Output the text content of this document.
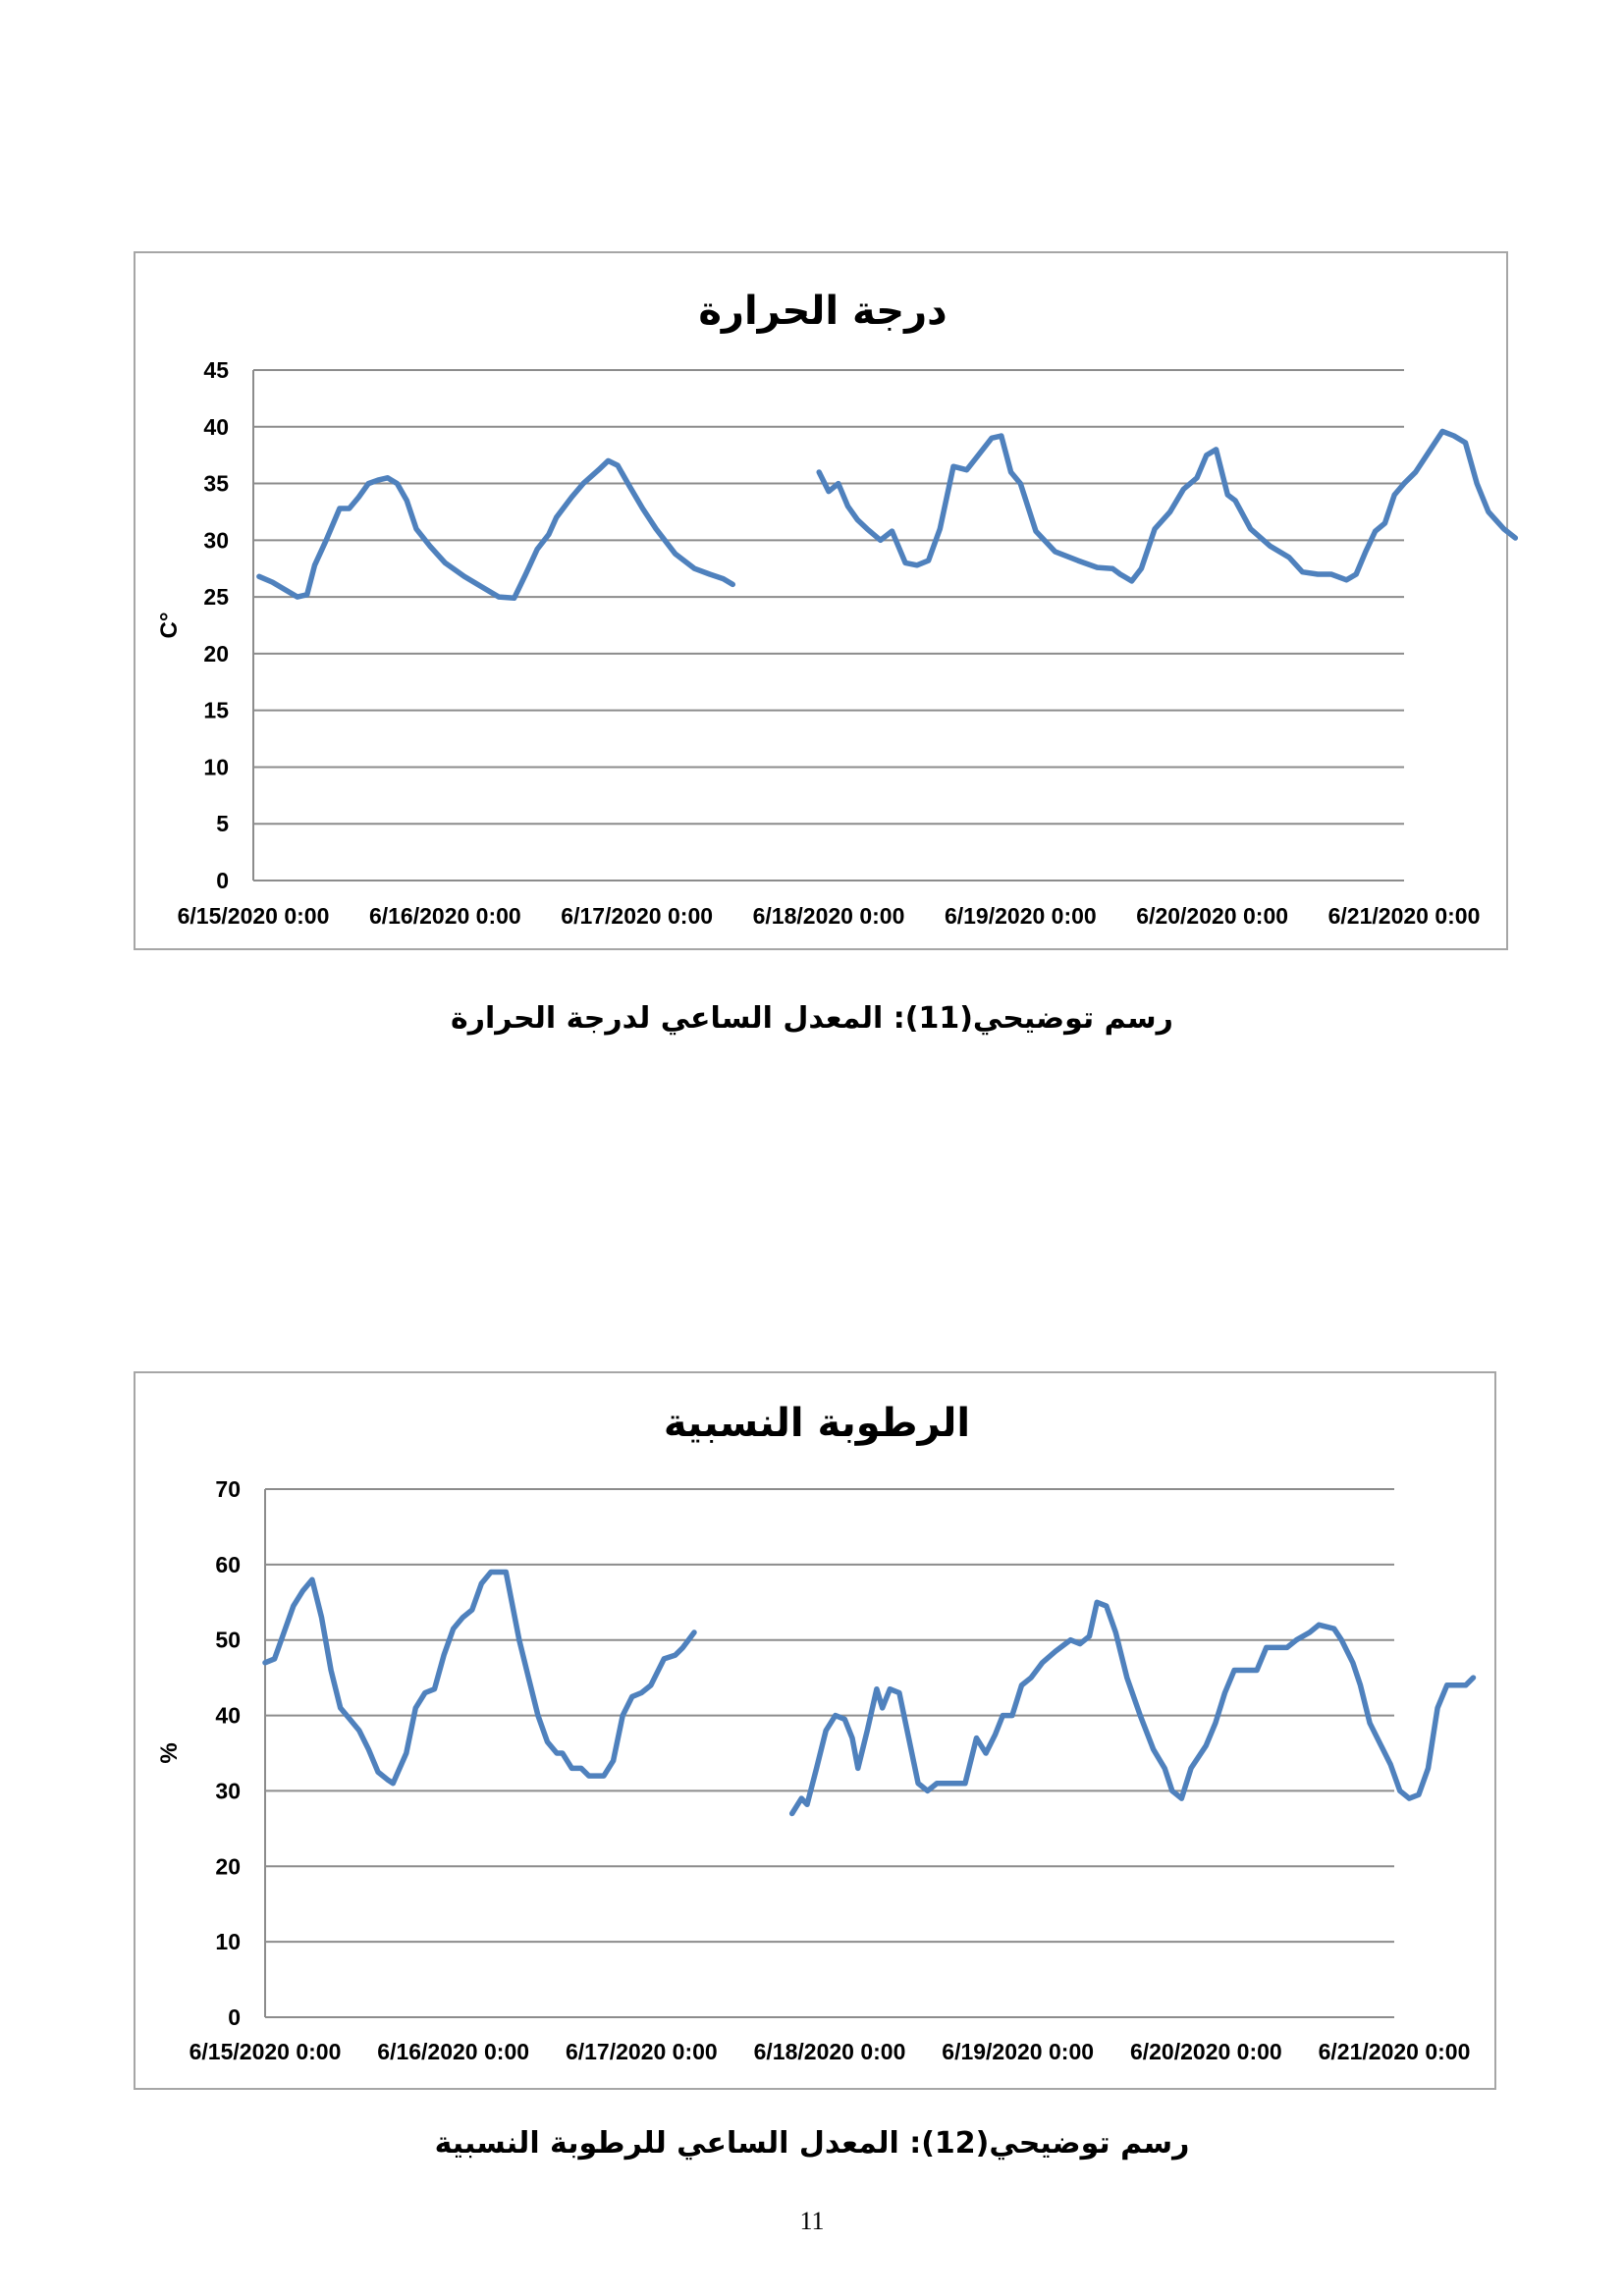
درجة الحرارة
0
5
10
15
20
25
30
35
40
45
C°
6/15/2020 0:00 6/16/2020 0:00 6/17/2020 0:00 6/18/2020 0:00 6/19/2020 0:00 6/20/2020 0:00 6/21/2020 0:00
رسم توضيحي(11): المعدل الساعي لدرجة الحرارة
الرطوبة النسبية
0
10
20
30
40
50
60
70
%
6/15/2020 0:00 6/16/2020 0:00 6/17/2020 0:00 6/18/2020 0:00 6/19/2020 0:00 6/20/2020 0:00 6/21/2020 0:00
رسم توضيحي(12): المعدل الساعي للرطوبة النسبية
11
